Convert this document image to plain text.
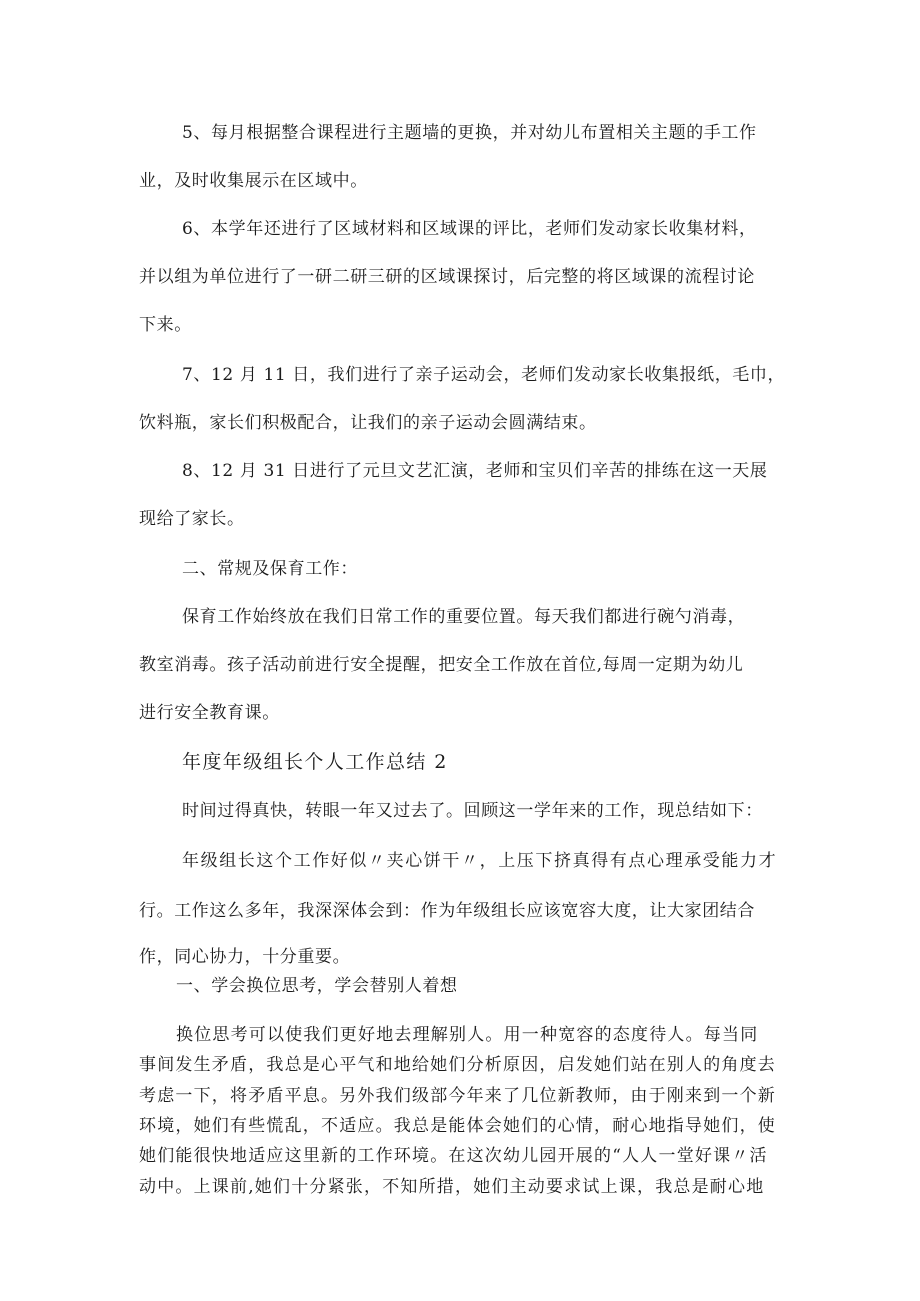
5、每月根据整合课程进行主题墙的更换，并对幼儿布置相关主题的手工作
业，及时收集展示在区域中。
6、本学年还进行了区域材料和区域课的评比，老师们发动家长收集材料，
并以组为单位进行了一研二研三研的区域课探讨，后完整的将区域课的流程讨论
下来。
7、12 月 11 日，我们进行了亲子运动会，老师们发动家长收集报纸，毛巾，
饮料瓶，家长们积极配合，让我们的亲子运动会圆满结束。
8、12 月 31 日进行了元旦文艺汇演，老师和宝贝们辛苦的排练在这一天展
现给了家长。
二、常规及保育工作：
保育工作始终放在我们日常工作的重要位置。每天我们都进行碗勺消毒，
教室消毒。孩子活动前进行安全提醒，把安全工作放在首位,每周一定期为幼儿
进行安全教育课。
年度年级组长个人工作总结 2
时间过得真快，转眼一年又过去了。回顾这一学年来的工作，现总结如下：
年级组长这个工作好似〃夹心饼干〃，上压下挤真得有点心理承受能力才
行。工作这么多年，我深深体会到：作为年级组长应该宽容大度，让大家团结合
作，同心协力，十分重要。
一、学会换位思考，学会替别人着想
换位思考可以使我们更好地去理解别人。用一种宽容的态度待人。每当同
事间发生矛盾，我总是心平气和地给她们分析原因，启发她们站在别人的角度去
考虑一下，将矛盾平息。另外我们级部今年来了几位新教师，由于刚来到一个新
环境，她们有些慌乱，不适应。我总是能体会她们的心情，耐心地指导她们，使
她们能很快地适应这里新的工作环境。在这次幼儿园开展的“人人一堂好课〃活
动中。上课前,她们十分紧张，不知所措，她们主动要求试上课，我总是耐心地
